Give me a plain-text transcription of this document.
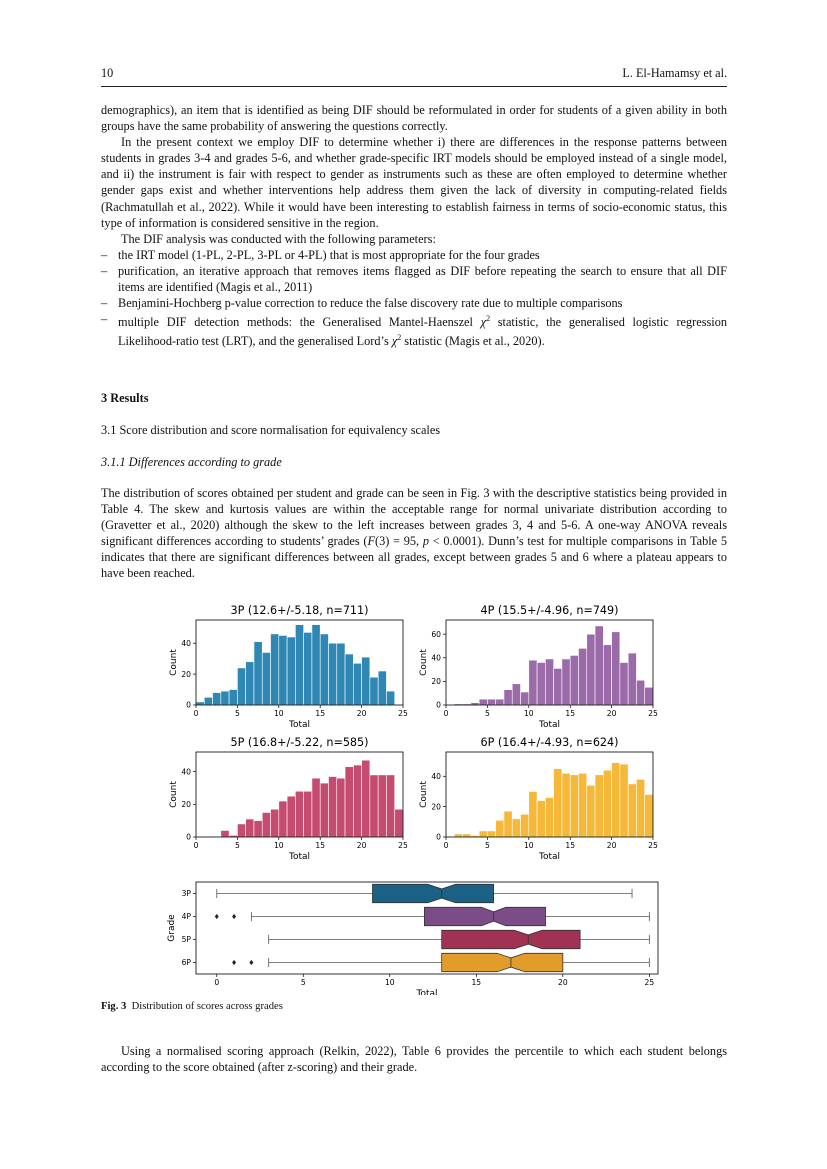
10	L. El-Hamamsy et al.

demographics), an item that is identified as being DIF should be reformulated in order for students of a given ability in both groups have the same probability of answering the questions correctly.

In the present context we employ DIF to determine whether i) there are differences in the response patterns between students in grades 3-4 and grades 5-6, and whether grade-specific IRT models should be employed instead of a single model, and ii) the instrument is fair with respect to gender as instruments such as these are often employed to determine whether gender gaps exist and whether interventions help address them given the lack of diversity in computing-related fields (Rachmatullah et al., 2022). While it would have been interesting to establish fairness in terms of socio-economic status, this type of information is considered sensitive in the region.

The DIF analysis was conducted with the following parameters:

– the IRT model (1-PL, 2-PL, 3-PL or 4-PL) that is most appropriate for the four grades
– purification, an iterative approach that removes items flagged as DIF before repeating the search to ensure that all DIF items are identified (Magis et al., 2011)
– Benjamini-Hochberg p-value correction to reduce the false discovery rate due to multiple comparisons
– multiple DIF detection methods: the Generalised Mantel-Haenszel $\chi^2$ statistic, the generalised logistic regression Likelihood-ratio test (LRT), and the generalised Lord’s $\chi^2$ statistic (Magis et al., 2020).
3 Results
3.1 Score distribution and score normalisation for equivalency scales
3.1.1 Differences according to grade

The distribution of scores obtained per student and grade can be seen in Fig. 3 with the descriptive statistics being provided in Table 4. The skew and kurtosis values are within the acceptable range for normal univariate distribution according to (Gravetter et al., 2020) although the skew to the left increases between grades 3, 4 and 5-6. A one-way ANOVA reveals significant differences according to students’ grades (F(3) = 95, p < 0.0001). Dunn’s test for multiple comparisons in Table 5 indicates that there are significant differences between all grades, except between grades 5 and 6 where a plateau appears to have been reached.

3P (12.6+/-5.18, n=711)
0	5	10	15	20	25
0
20
40
Total
Count
4P (15.5+/-4.96, n=749)
0	5	10	15	20	25
0
20
40
60
Total
Count
5P (16.8+/-5.22, n=585)
0	5	10	15	20	25
0
20
40
Total
Count
6P (16.4+/-4.93, n=624)
0	5	10	15	20	25
0
20
40
Total
Count
3P
4P
5P
6P
0	5	10	15	20	25
Total
Grade
Fig. 3 Distribution of scores across grades
Using a normalised scoring approach (Relkin, 2022), Table 6 provides the percentile to which each student belongs according to the score obtained (after z-scoring) and their grade.
